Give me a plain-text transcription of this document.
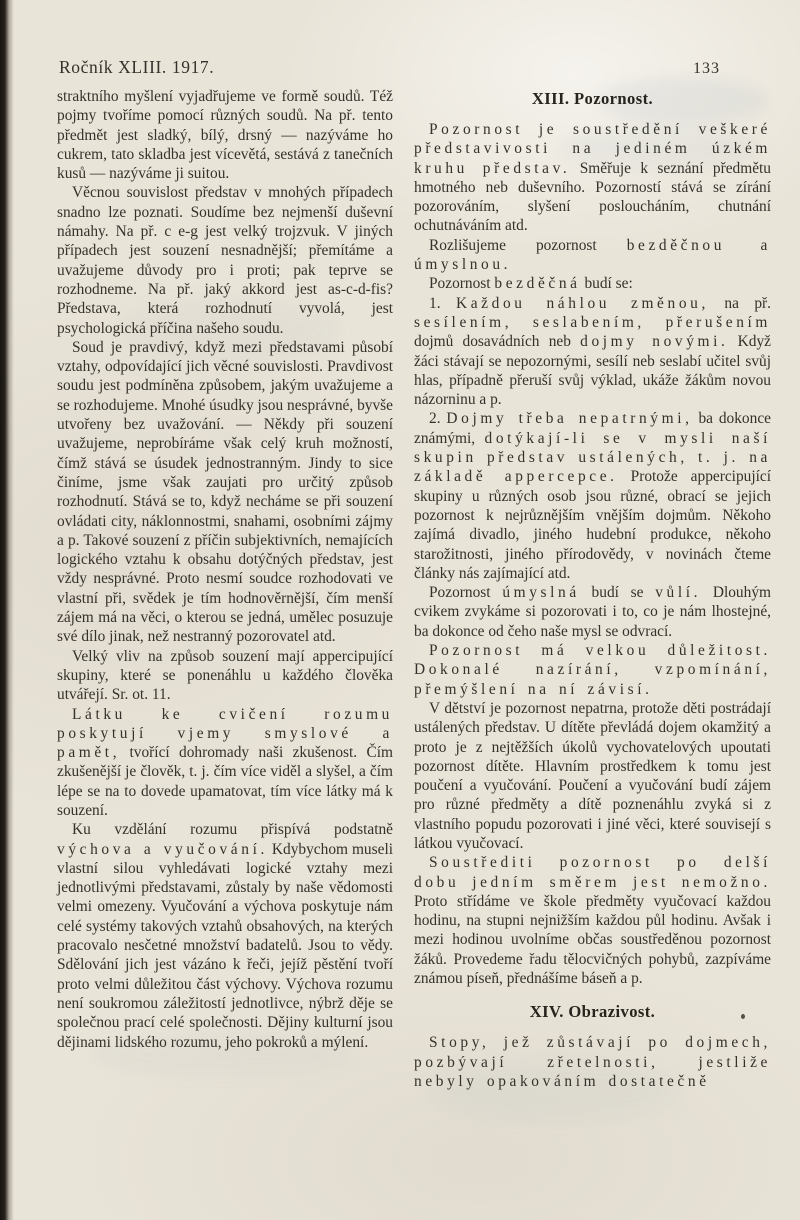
Ročník XLIII. 1917.	133

straktního myšlení vyjadřujeme ve formě soudů. Též pojmy tvoříme pomocí různých soudů. Na př. tento předmět jest sladký, bílý, drsný — nazýváme ho cukrem, tato skladba jest vícevětá, sestává z tanečních kusů — nazýváme ji suitou.

Věcnou souvislost představ v mnohých případech snadno lze poznati. Soudíme bez nejmenší duševní námahy. Na př. c e-g jest velký trojzvuk. V jiných případech jest souzení nesnadnější; přemítáme a uvažujeme důvody pro i proti; pak teprve se rozhodneme. Na př. jaký akkord jest as-c-d-fis? Představa, která rozhodnutí vyvolá, jest psychologická příčina našeho soudu.

Soud je pravdivý, když mezi představami působí vztahy, odpovídající jich věcné souvislosti. Pravdivost soudu jest podmíněna způsobem, jakým uvažujeme a se rozhodujeme. Mnohé úsudky jsou nesprávné, byvše utvořeny bez uvažování. — Někdy při souzení uvažujeme, neprobíráme však celý kruh možností, čímž stává se úsudek jednostranným. Jindy to sice činíme, jsme však zaujati pro určitý způsob rozhodnutí. Stává se to, když necháme se při souzení ovládati city, náklonnostmi, snahami, osobními zájmy a p. Takové souzení z příčin subjektivních, nemajících logického vztahu k obsahu dotýčných představ, jest vždy nesprávné. Proto nesmí soudce rozhodovati ve vlastní při, svědek je tím hodnověrnější, čím menší zájem má na věci, o kterou se jedná, umělec posuzuje své dílo jinak, než nestranný pozorovatel atd.

Velký vliv na způsob souzení mají appercipující skupiny, které se ponenáhlu u každého člověka utvářejí. Sr. ot. 11.

Látku ke cvičení rozumu poskytují vjemy smyslové a pamět, tvořící dohromady naši zkušenost. Čím zkušenější je člověk, t. j. čím více viděl a slyšel, a čím lépe se na to dovede upamatovat, tím více látky má k souzení.

Ku vzdělání rozumu přispívá podstatně výchova a vyučování. Kdybychom museli vlastní silou vyhledávati logické vztahy mezi jednotlivými představami, zůstaly by naše vědomosti velmi omezeny. Vyučování a výchova poskytuje nám celé systémy takových vztahů obsahových, na kterých pracovalo nesčetné množství badatelů. Jsou to vědy. Sdělování jich jest vázáno k řeči, jejíž pěstění tvoří proto velmi důležitou část výchovy. Výchova rozumu není soukromou záležitostí jednotlivce, nýbrž děje se společnou prací celé společnosti. Dějiny kulturní jsou dějinami lidského rozumu, jeho pokroků a mýlení.

XIII. Pozornost.

Pozornost je soustředění veškeré představivosti na jediném úzkém kruhu představ. Směřuje k seznání předmětu hmotného neb duševního. Pozorností stává se zírání pozorováním, slyšení posloucháním, chutnání ochutnáváním atd.

Rozlišujeme pozornost bezděčnou a úmyslnou.

Pozornost bezděčná budí se:

1. Každou náhlou změnou, na př. sesílením, seslabením, přerušením dojmů dosavádních neb dojmy novými. Když žáci stávají se nepozornými, sesílí neb seslabí učitel svůj hlas, případně přeruší svůj výklad, ukáže žákům novou názorninu a p.

2. Dojmy třeba nepatrnými, ba dokonce známými, dotýkají-li se v mysli naší skupin představ ustálených, t. j. na základě appercepce. Protože appercipující skupiny u různých osob jsou různé, obrací se jejich pozornost k nejrůznějším vnějším dojmům. Někoho zajímá divadlo, jiného hudební produkce, někoho starožitnosti, jiného přírodovědy, v novinách čteme články nás zajímající atd.

Pozornost úmyslná budí se vůlí. Dlouhým cvikem zvykáme si pozorovati i to, co je nám lhostejné, ba dokonce od čeho naše mysl se odvrací.

Pozornost má velkou důležitost. Dokonalé nazírání, vzpomínání, přemýšlení na ní závisí.

V dětství je pozornost nepatrna, protože děti postrádají ustálených představ. U dítěte převládá dojem okamžitý a proto je z nejtěžších úkolů vychovatelových upoutati pozornost dítěte. Hlavním prostředkem k tomu jest poučení a vyučování. Poučení a vyučování budí zájem pro různé předměty a dítě poznenáhlu zvyká si z vlastního popudu pozorovati i jiné věci, které souvisejí s látkou vyučovací.

Soustřediti pozornost po delší dobu jedním směrem jest nemožno. Proto střídáme ve škole předměty vyučovací každou hodinu, na stupni nejnižším každou půl hodinu. Avšak i mezi hodinou uvolníme občas soustředěnou pozornost žáků. Provedeme řadu tělocvičných pohybů, zazpíváme známou píseň, přednášíme báseň a p.

XIV. Obrazivost.

Stopy, jež zůstávají po dojmech, pozbývají zřetelnosti, jestliže nebyly opakováním dostatečně
